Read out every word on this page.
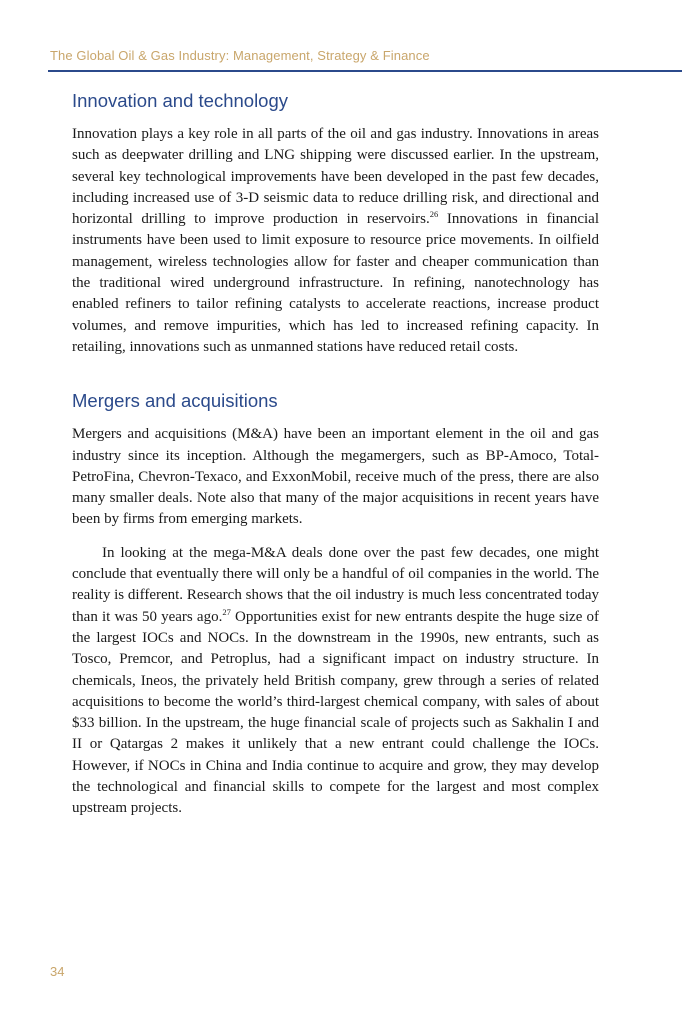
The Global Oil & Gas Industry: Management, Strategy & Finance
Innovation and technology

Innovation plays a key role in all parts of the oil and gas industry. Innovations in areas such as deepwater drilling and LNG shipping were discussed earlier. In the upstream, several key technological improvements have been developed in the past few decades, including increased use of 3-D seismic data to reduce drilling risk, and directional and horizontal drilling to improve production in reservoirs.$^{26}$ Innovations in financial instruments have been used to limit exposure to resource price movements. In oilfield management, wireless technologies allow for faster and cheaper communication than the traditional wired underground infrastructure. In refining, nanotechnology has enabled refiners to tailor refining catalysts to accelerate reactions, increase product volumes, and remove impurities, which has led to increased refining capacity. In retailing, innovations such as unmanned stations have reduced retail costs.

Mergers and acquisitions

Mergers and acquisitions (M&A) have been an important element in the oil and gas industry since its inception. Although the megamergers, such as BP-Amoco, Total-PetroFina, Chevron-Texaco, and ExxonMobil, receive much of the press, there are also many smaller deals. Note also that many of the major acquisitions in recent years have been by firms from emerging markets.

In looking at the mega-M&A deals done over the past few decades, one might conclude that eventually there will only be a handful of oil companies in the world. The reality is different. Research shows that the oil industry is much less concentrated today than it was 50 years ago.$^{27}$ Opportunities exist for new entrants despite the huge size of the largest IOCs and NOCs. In the downstream in the 1990s, new entrants, such as Tosco, Premcor, and Petroplus, had a significant impact on industry structure. In chemicals, Ineos, the privately held British company, grew through a series of related acquisitions to become the world’s third-largest chemical company, with sales of about $33 billion. In the upstream, the huge financial scale of projects such as Sakhalin I and II or Qatargas 2 makes it unlikely that a new entrant could challenge the IOCs. However, if NOCs in China and India continue to acquire and grow, they may develop the technological and financial skills to compete for the largest and most complex upstream projects.

34
